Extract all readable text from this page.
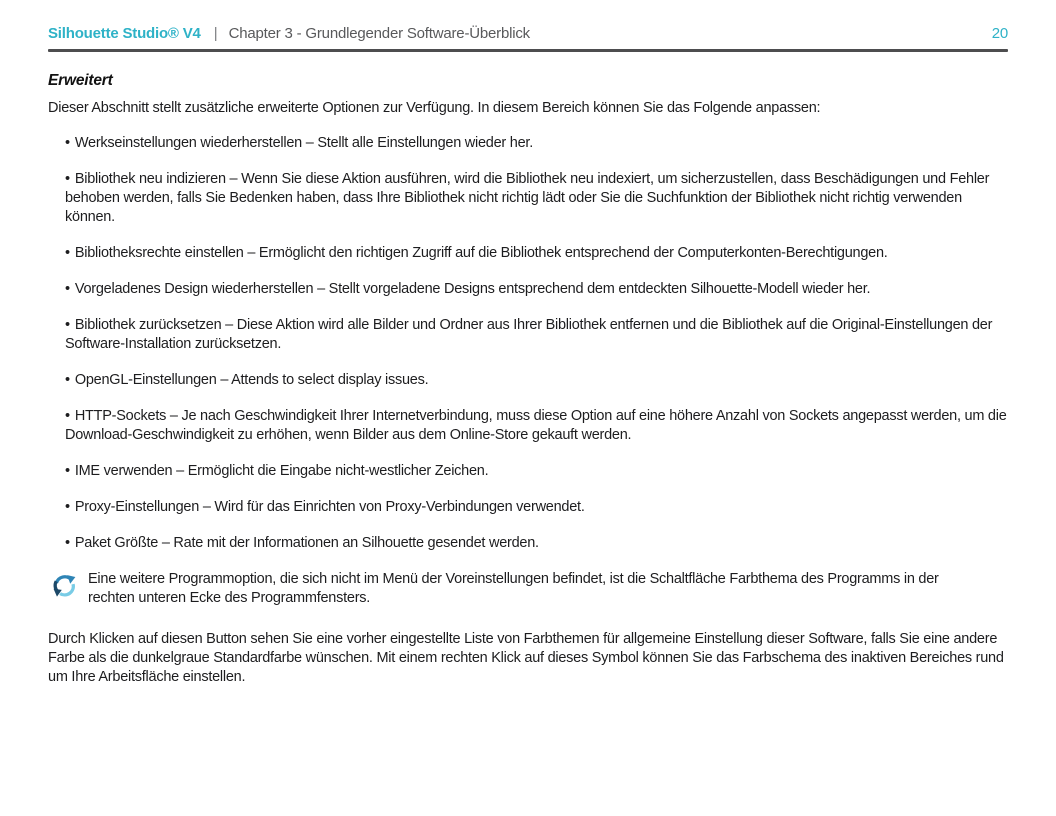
Silhouette Studio® V4 | Chapter 3 - Grundlegender Software-Überblick	20
Erweitert

Dieser Abschnitt stellt zusätzliche erweiterte Optionen zur Verfügung. In diesem Bereich können Sie das Folgende anpassen:

• Werkseinstellungen wiederherstellen – Stellt alle Einstellungen wieder her.

• Bibliothek neu indizieren – Wenn Sie diese Aktion ausführen, wird die Bibliothek neu indexiert, um sicherzustellen, dass Beschädigungen und Fehler behoben werden, falls Sie Bedenken haben, dass Ihre Bibliothek nicht richtig lädt oder Sie die Suchfunktion der Bibliothek nicht richtig verwenden können.

• Bibliotheksrechte einstellen – Ermöglicht den richtigen Zugriff auf die Bibliothek entsprechend der Computerkonten-Berechtigungen.

• Vorgeladenes Design wiederherstellen – Stellt vorgeladene Designs entsprechend dem entdeckten Silhouette-Modell wieder her.

• Bibliothek zurücksetzen – Diese Aktion wird alle Bilder und Ordner aus Ihrer Bibliothek entfernen und die Bibliothek auf die Original-Einstellungen der Software-Installation zurücksetzen.

• OpenGL-Einstellungen – Attends to select display issues.

• HTTP-Sockets – Je nach Geschwindigkeit Ihrer Internetverbindung, muss diese Option auf eine höhere Anzahl von Sockets angepasst werden, um die Download-Geschwindigkeit zu erhöhen, wenn Bilder aus dem Online-Store gekauft werden.

• IME verwenden – Ermöglicht die Eingabe nicht-westlicher Zeichen.

• Proxy-Einstellungen – Wird für das Einrichten von Proxy-Verbindungen verwendet.

• Paket Größte – Rate mit der Informationen an Silhouette gesendet werden.

Eine weitere Programmoption, die sich nicht im Menü der Voreinstellungen befindet, ist die Schaltfläche Farbthema des Programms in der rechten unteren Ecke des Programmfensters.

Durch Klicken auf diesen Button sehen Sie eine vorher eingestellte Liste von Farbthemen für allgemeine Einstellung dieser Software, falls Sie eine andere Farbe als die dunkelgraue Standardfarbe wünschen. Mit einem rechten Klick auf dieses Symbol können Sie das Farbschema des inaktiven Bereiches rund um Ihre Arbeitsfläche einstellen.
